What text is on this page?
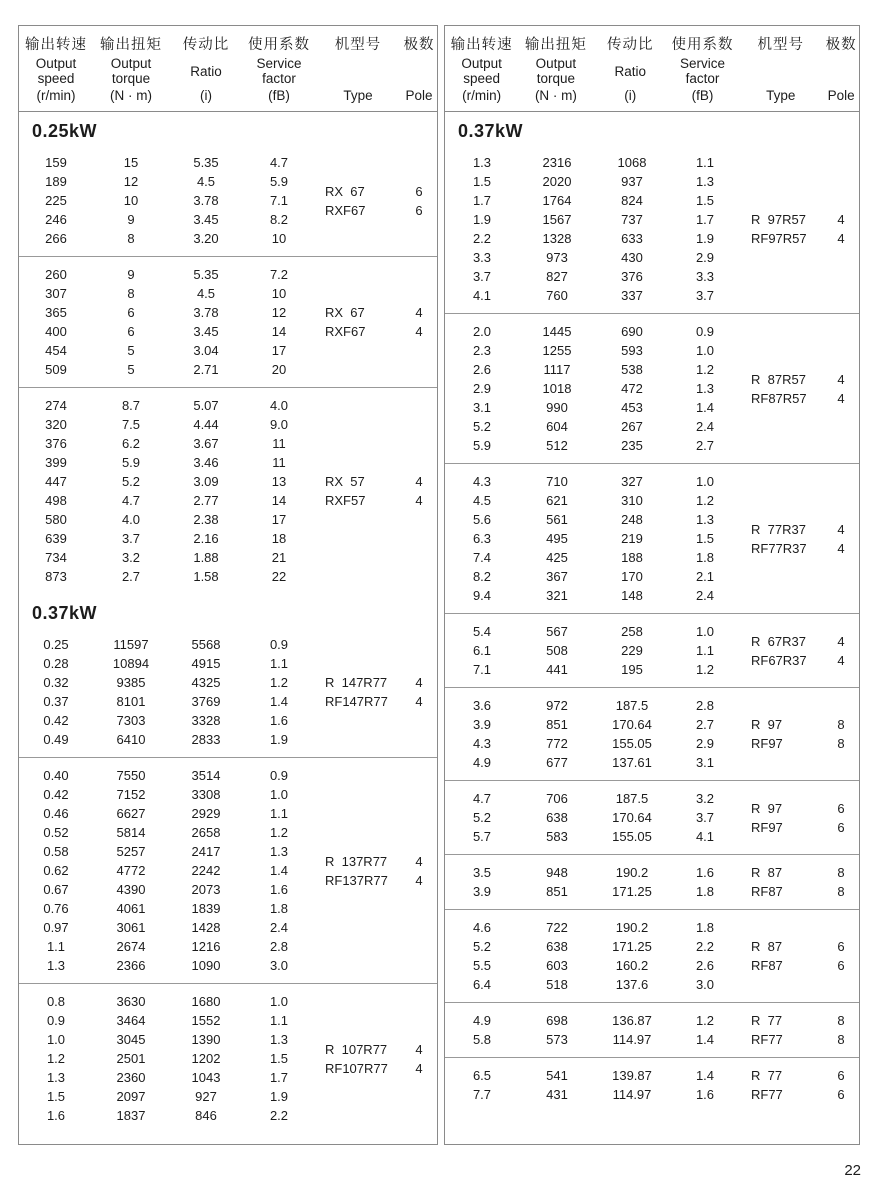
输出转速
Output speed
(r/min)
输出扭矩
Output torque
(N · m)
传动比
Ratio
(i)
使用系数
Service factor
(fB)
机型号
Type
极数
Pole
0.25kW
159	15	5.35	4.7
189	12	4.5	5.9
225	10	3.78	7.1
246	9	3.45	8.2
266	8	3.20	10
RX  67	6
RXF67	6
260	9	5.35	7.2
307	8	4.5	10
365	6	3.78	12
400	6	3.45	14
454	5	3.04	17
509	5	2.71	20
RX  67	4
RXF67	4
274	8.7	5.07	4.0
320	7.5	4.44	9.0
376	6.2	3.67	11
399	5.9	3.46	11
447	5.2	3.09	13
498	4.7	2.77	14
580	4.0	2.38	17
639	3.7	2.16	18
734	3.2	1.88	21
873	2.7	1.58	22
RX  57	4
RXF57	4
0.37kW
0.25	11597	5568	0.9
0.28	10894	4915	1.1
0.32	9385	4325	1.2
0.37	8101	3769	1.4
0.42	7303	3328	1.6
0.49	6410	2833	1.9
R  147R77	4
RF147R77	4
0.40	7550	3514	0.9
0.42	7152	3308	1.0
0.46	6627	2929	1.1
0.52	5814	2658	1.2
0.58	5257	2417	1.3
0.62	4772	2242	1.4
0.67	4390	2073	1.6
0.76	4061	1839	1.8
0.97	3061	1428	2.4
1.1	2674	1216	2.8
1.3	2366	1090	3.0
R  137R77	4
RF137R77	4
0.8	3630	1680	1.0
0.9	3464	1552	1.1
1.0	3045	1390	1.3
1.2	2501	1202	1.5
1.3	2360	1043	1.7
1.5	2097	927	1.9
1.6	1837	846	2.2
R  107R77	4
RF107R77	4
输出转速
Output speed
(r/min)
输出扭矩
Output torque
(N · m)
传动比
Ratio
(i)
使用系数
Service factor
(fB)
机型号
Type
极数
Pole
0.37kW
1.3	2316	1068	1.1
1.5	2020	937	1.3
1.7	1764	824	1.5
1.9	1567	737	1.7
2.2	1328	633	1.9
3.3	973	430	2.9
3.7	827	376	3.3
4.1	760	337	3.7
R  97R57	4
RF97R57	4
2.0	1445	690	0.9
2.3	1255	593	1.0
2.6	1117	538	1.2
2.9	1018	472	1.3
3.1	990	453	1.4
5.2	604	267	2.4
5.9	512	235	2.7
R  87R57	4
RF87R57	4
4.3	710	327	1.0
4.5	621	310	1.2
5.6	561	248	1.3
6.3	495	219	1.5
7.4	425	188	1.8
8.2	367	170	2.1
9.4	321	148	2.4
R  77R37	4
RF77R37	4
5.4	567	258	1.0
6.1	508	229	1.1
7.1	441	195	1.2
R  67R37	4
RF67R37	4
3.6	972	187.5	2.8
3.9	851	170.64	2.7
4.3	772	155.05	2.9
4.9	677	137.61	3.1
R  97	8
RF97	8
4.7	706	187.5	3.2
5.2	638	170.64	3.7
5.7	583	155.05	4.1
R  97	6
RF97	6
3.5	948	190.2	1.6
3.9	851	171.25	1.8
R  87	8
RF87	8
4.6	722	190.2	1.8
5.2	638	171.25	2.2
5.5	603	160.2	2.6
6.4	518	137.6	3.0
R  87	6
RF87	6
4.9	698	136.87	1.2
5.8	573	114.97	1.4
R  77	8
RF77	8
6.5	541	139.87	1.4
7.7	431	114.97	1.6
R  77	6
RF77	6
22
